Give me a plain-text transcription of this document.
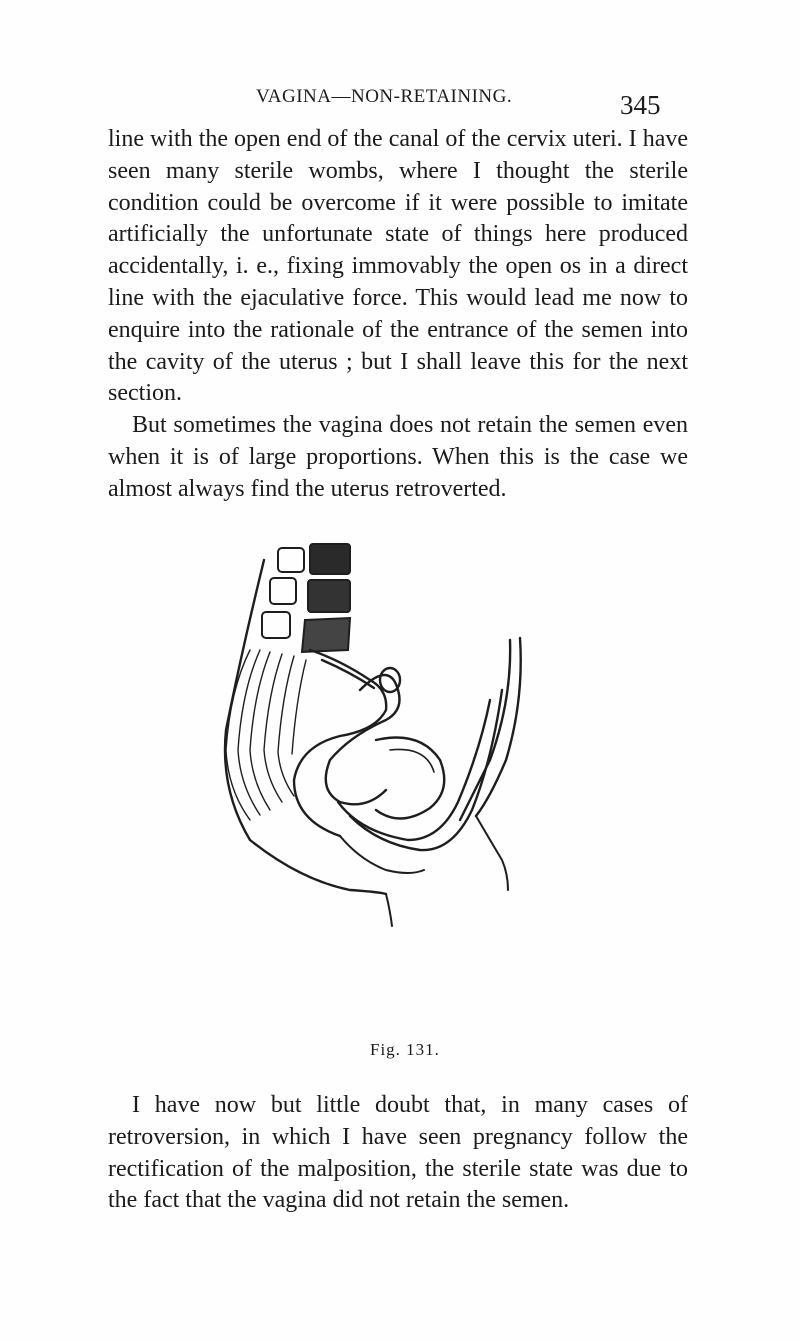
VAGINA—NON-RETAINING.	345

line with the open end of the canal of the cervix uteri. I have seen many sterile wombs, where I thought the sterile condition could be overcome if it were possible to imitate artificially the unfortunate state of things here produced accidentally, i. e., fixing immovably the open os in a direct line with the ejaculative force. This would lead me now to enquire into the rationale of the entrance of the semen into the cavity of the uterus ; but I shall leave this for the next section.

But sometimes the vagina does not retain the semen even when it is of large proportions. When this is the case we almost always find the uterus retroverted.

Fig. 131.

I have now but little doubt that, in many cases of retroversion, in which I have seen pregnancy follow the rectification of the malposition, the sterile state was due to the fact that the vagina did not retain the semen.
